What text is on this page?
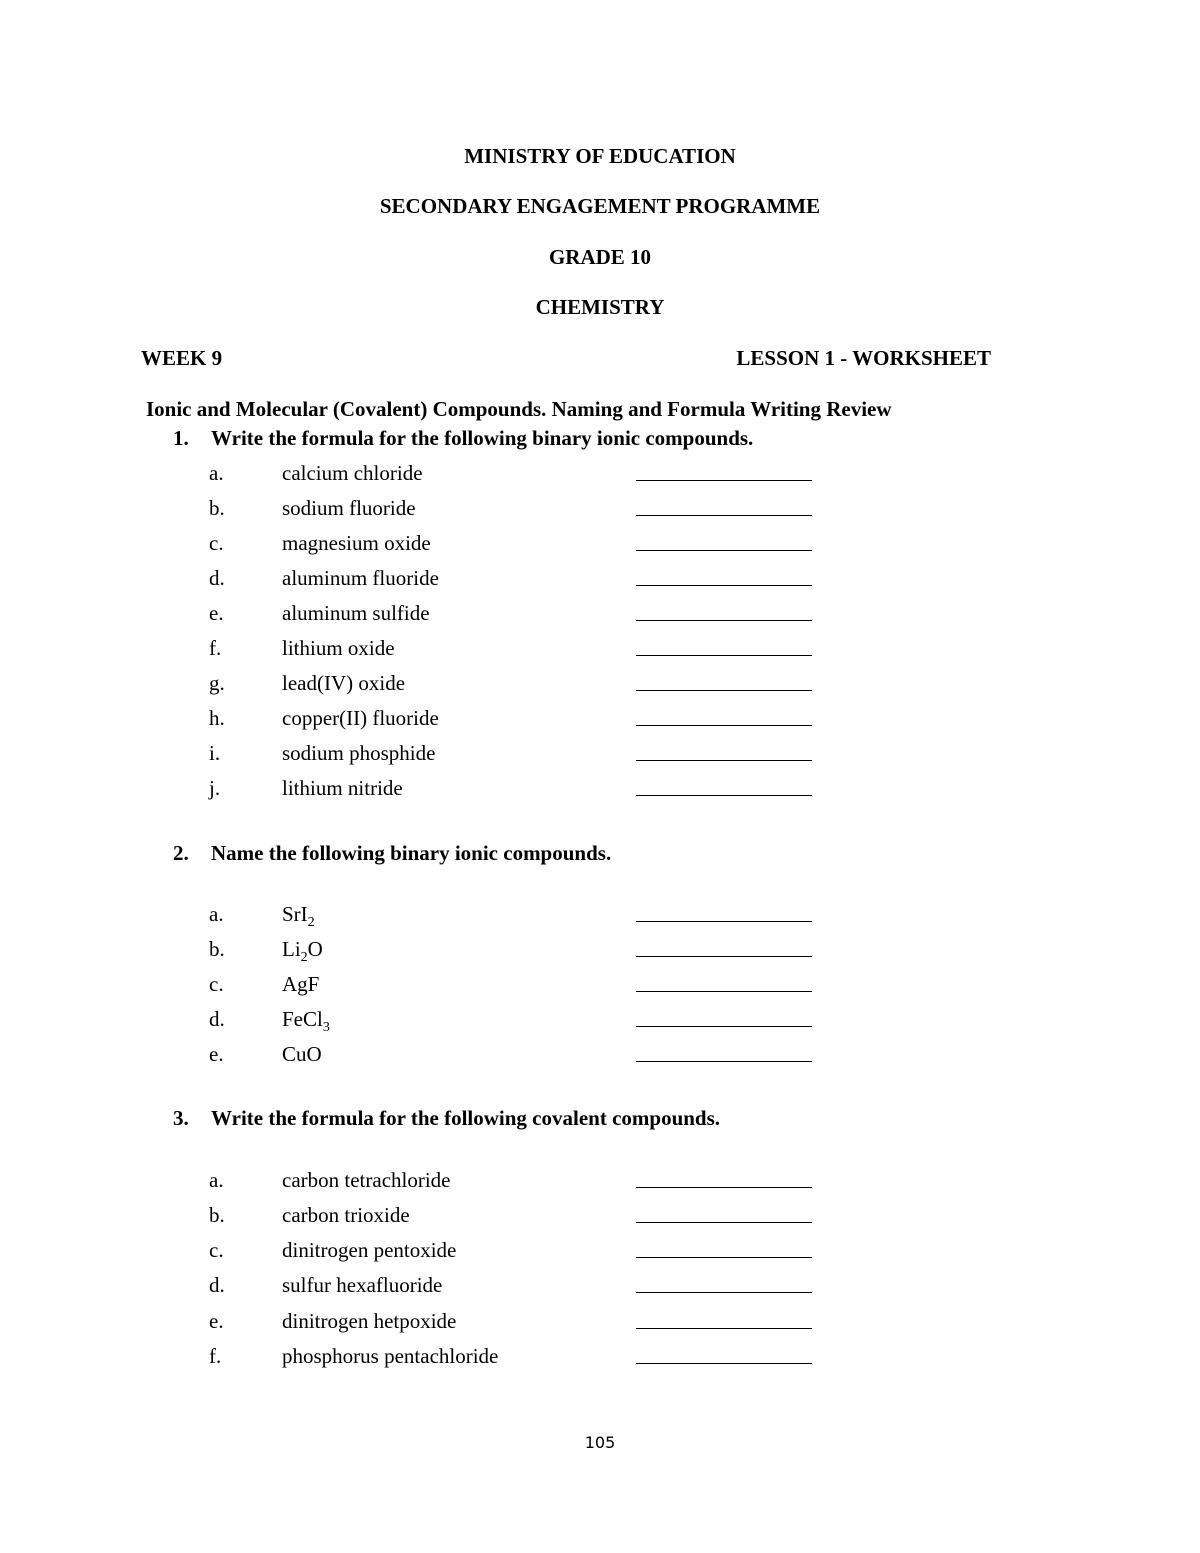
MINISTRY OF EDUCATION
SECONDARY ENGAGEMENT PROGRAMME
GRADE 10
CHEMISTRY
WEEK 9	LESSON 1 - WORKSHEET
Ionic and Molecular (Covalent) Compounds. Naming and Formula Writing Review
1. Write the formula for the following binary ionic compounds.
a.	calcium chloride
b.	sodium fluoride
c.	magnesium oxide
d.	aluminum fluoride
e.	aluminum sulfide
f.	lithium oxide
g.	lead(IV) oxide
h.	copper(II) fluoride
i.	sodium phosphide
j.	lithium nitride
2. Name the following binary ionic compounds.
a.	SrI$_2$
b.	$Li_2O$
c.	AgF
d.	FeCl$_3$
e.	CuO
3. Write the formula for the following covalent compounds.
a.	carbon tetrachloride
b.	carbon trioxide
c.	dinitrogen pentoxide
d.	sulfur hexafluoride
e.	dinitrogen hetpoxide
f.	phosphorus pentachloride
105
